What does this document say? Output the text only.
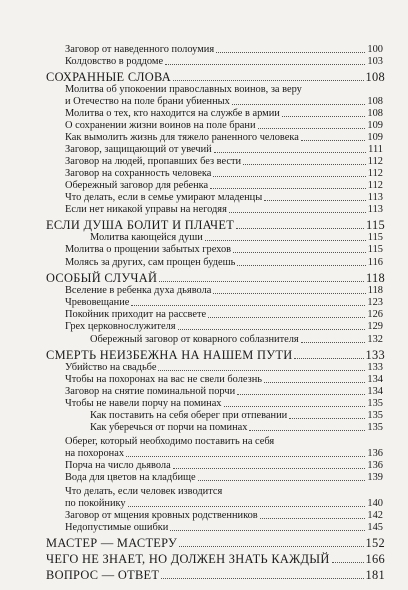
Заговор от наведенного полоумия	100
Колдовство в роддоме	103
СОХРАННЫЕ СЛОВА	108
Молитва об упокоении православных воинов, за веру
и Отечество на поле брани убиенных	108
Молитва о тех, кто находится на службе в армии	108
О сохранении жизни воинов на поле брани	109
Как вымолить жизнь для тяжело раненного человека	109
Заговор, защищающий от увечий	111
Заговор на людей, пропавших без вести	112
Заговор на сохранность человека	112
Обережный заговор для ребенка	112
Что делать, если в семье умирают младенцы	113
Если нет никакой управы на негодяя	113
ЕСЛИ ДУША БОЛИТ И ПЛАЧЕТ	115
Молитва кающейся души	115
Молитва о прощении забытых грехов	115
Молясь за других, сам прощен будешь	116
ОСОБЫЙ СЛУЧАЙ	118
Вселение в ребенка духа дьявола	118
Чревовещание	123
Покойник приходит на рассвете	126
Грех церковнослужителя	129
Обережный заговор от коварного соблазнителя	132
СМЕРТЬ НЕИЗБЕЖНА НА НАШЕМ ПУТИ	133
Убийство на свадьбе	133
Чтобы на похоронах на вас не свели болезнь	134
Заговор на снятие поминальной порчи	134
Чтобы не навели порчу на поминах	135
Как поставить на себя оберег при отпевании	135
Как уберечься от порчи на поминах	135
Оберег, который необходимо поставить на себя
на похоронах	136
Порча на число дьявола	136
Вода для цветов на кладбище	139
Что делать, если человек изводится
по покойнику	140
Заговор от мщения кровных родственников	142
Недопустимые ошибки	145
МАСТЕР — МАСТЕРУ	152
ЧЕГО НЕ ЗНАЕТ, НО ДОЛЖЕН ЗНАТЬ КАЖДЫЙ	166
ВОПРОС — ОТВЕТ	181
